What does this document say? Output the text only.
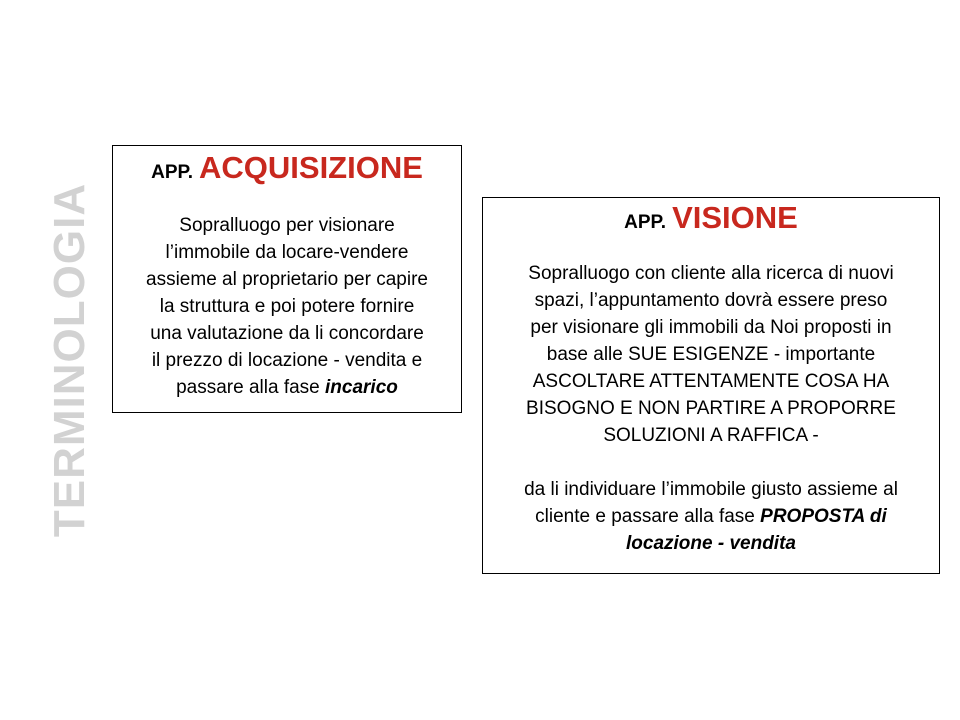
TERMINOLOGIA

APP. ACQUISIZIONE

Sopralluogo per visionare
l’immobile da locare-vendere
assieme al proprietario per capire
la struttura e poi potere fornire
una valutazione da li concordare
il prezzo di locazione - vendita e
passare alla fase incarico

APP. VISIONE

Sopralluogo con cliente alla ricerca di nuovi
spazi, l’appuntamento dovrà essere preso
per visionare gli immobili da Noi proposti in
base alle SUE ESIGENZE - importante
ASCOLTARE ATTENTAMENTE COSA HA
BISOGNO E NON PARTIRE A PROPORRE
SOLUZIONI A RAFFICA -
da li individuare l’immobile giusto assieme al
cliente e passare alla fase PROPOSTA di
locazione - vendita
